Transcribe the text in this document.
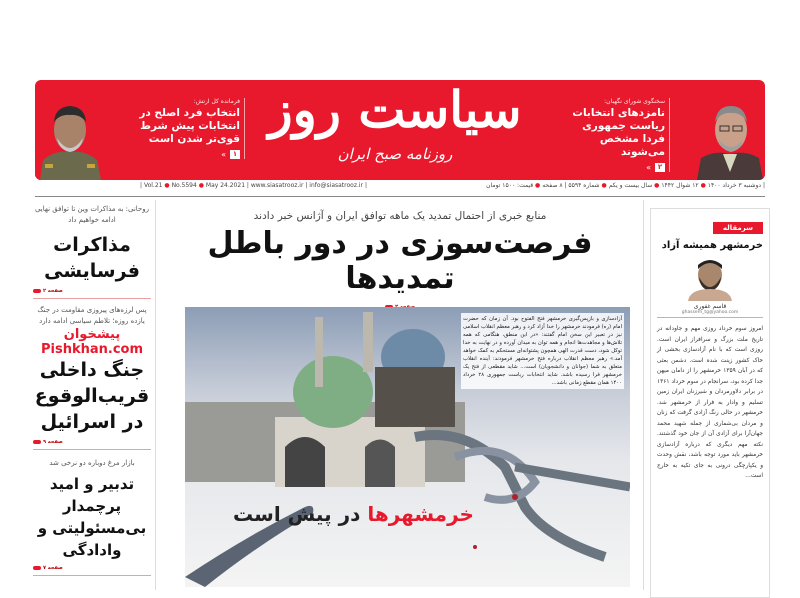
فرمانده کل ارتش:
انتخاب فرد اصلح در انتخابات پیش شرط قوی‌تر شدن است
۱
»
سیاست روز
روزنامه صبح ایران
سخنگوی شورای نگهبان:
نامزدهای انتخابات ریاست جمهوری فردا مشخص می‌شوند
۲
»
| Vol.21 ● No.5594 ● May 24.2021 | www.siasatrooz.ir | info@siasatrooz.ir |	| دوشنبه ۳ خرداد ۱۴۰۰ ● ۱۲ شوال ۱۴۴۲ ● سال بیست و یکم ● شماره ۵۵۹۴ | ۸ صفحه ● قیمت: ۱۵۰۰ تومان
روحانی: به مذاکرات وین تا توافق نهایی ادامه خواهیم داد
مذاکرات فرسایشی
صفحه ۲
پس لرزه‌های پیروزی مقاومت در جنگ یازده روزه؛ تلاطم سیاسی ادامه دارد
پیشخوان Pishkhan.com
جنگ داخلی قریب‌الوقوع در اسرائیل
صفحه ۹
بازار مرغ دوباره دو نرخی شد
تدبیر و امید پرچمدار بی‌مسئولیتی و وادادگی
صفحه ۷
منابع خبری از احتمال تمدید یک ماهه توافق ایران و آژانس خبر دادند
فرصت‌سوزی در دور باطل تمدیدها
آزادسازی و بازپس‌گیری خرمشهر فتح الفتوح بود. آن زمان که حضرت امام (ره) فرمودند خرمشهر را خدا آزاد کرد و رهبر معظم انقلاب اسلامی نیز در تعبیر این سخن امام گفتند: «در این منطق، هنگامی که همه تلاش‌ها و مجاهدت‌ها انجام و همه توان به میدان آورده و در نهایت به خدا توکل شود، دست قدرت الهی همچون پشتوانه‌ای مستحکم به کمک خواهد آمد.» رهبر معظم انقلاب درباره فتح خرمشهر فرمودند: آینده انقلاب متعلق به شما (جوانان و دانشجویان) است... شاید مقطعی از فتح یک خرمشهر فرا رسیده باشد. شاید انتخابات ریاست جمهوری ۲۸ خرداد ۱۴۰۰ همان مقطع زمانی باشد...
خرمشهرها در پیش است
سرمقاله
خرمشهر همیشه آزاد
قاسم غفوری
ghassem_tg@yahoo.com
امروز سوم خرداد روزی مهم و جاودانه در تاریخ ملت بزرگ و سرافراز ایران است. روزی است که با نام آزادسازی بخشی از خاک کشور زینت شده است. دشمن بعثی که در آبان ۱۳۵۹ خرمشهر را از دامان میهن جدا کرده بود، سرانجام در سوم خرداد ۱۳۶۱ در برابر دلاورمردان و شیرزنان ایران زمین تسلیم و وادار به فرار از خرمشهر شد. خرمشهر در حالی رنگ آزادی گرفت که زنان و مردان بی‌شماری از جمله شهید محمد جهان‌آرا برای آزادی آن از جان خود گذشتند. نکته مهم دیگری که درباره آزادسازی خرمشهر باید مورد توجه باشد، نقش وحدت و یکپارچگی درونی به جای تکیه به خارج است...
